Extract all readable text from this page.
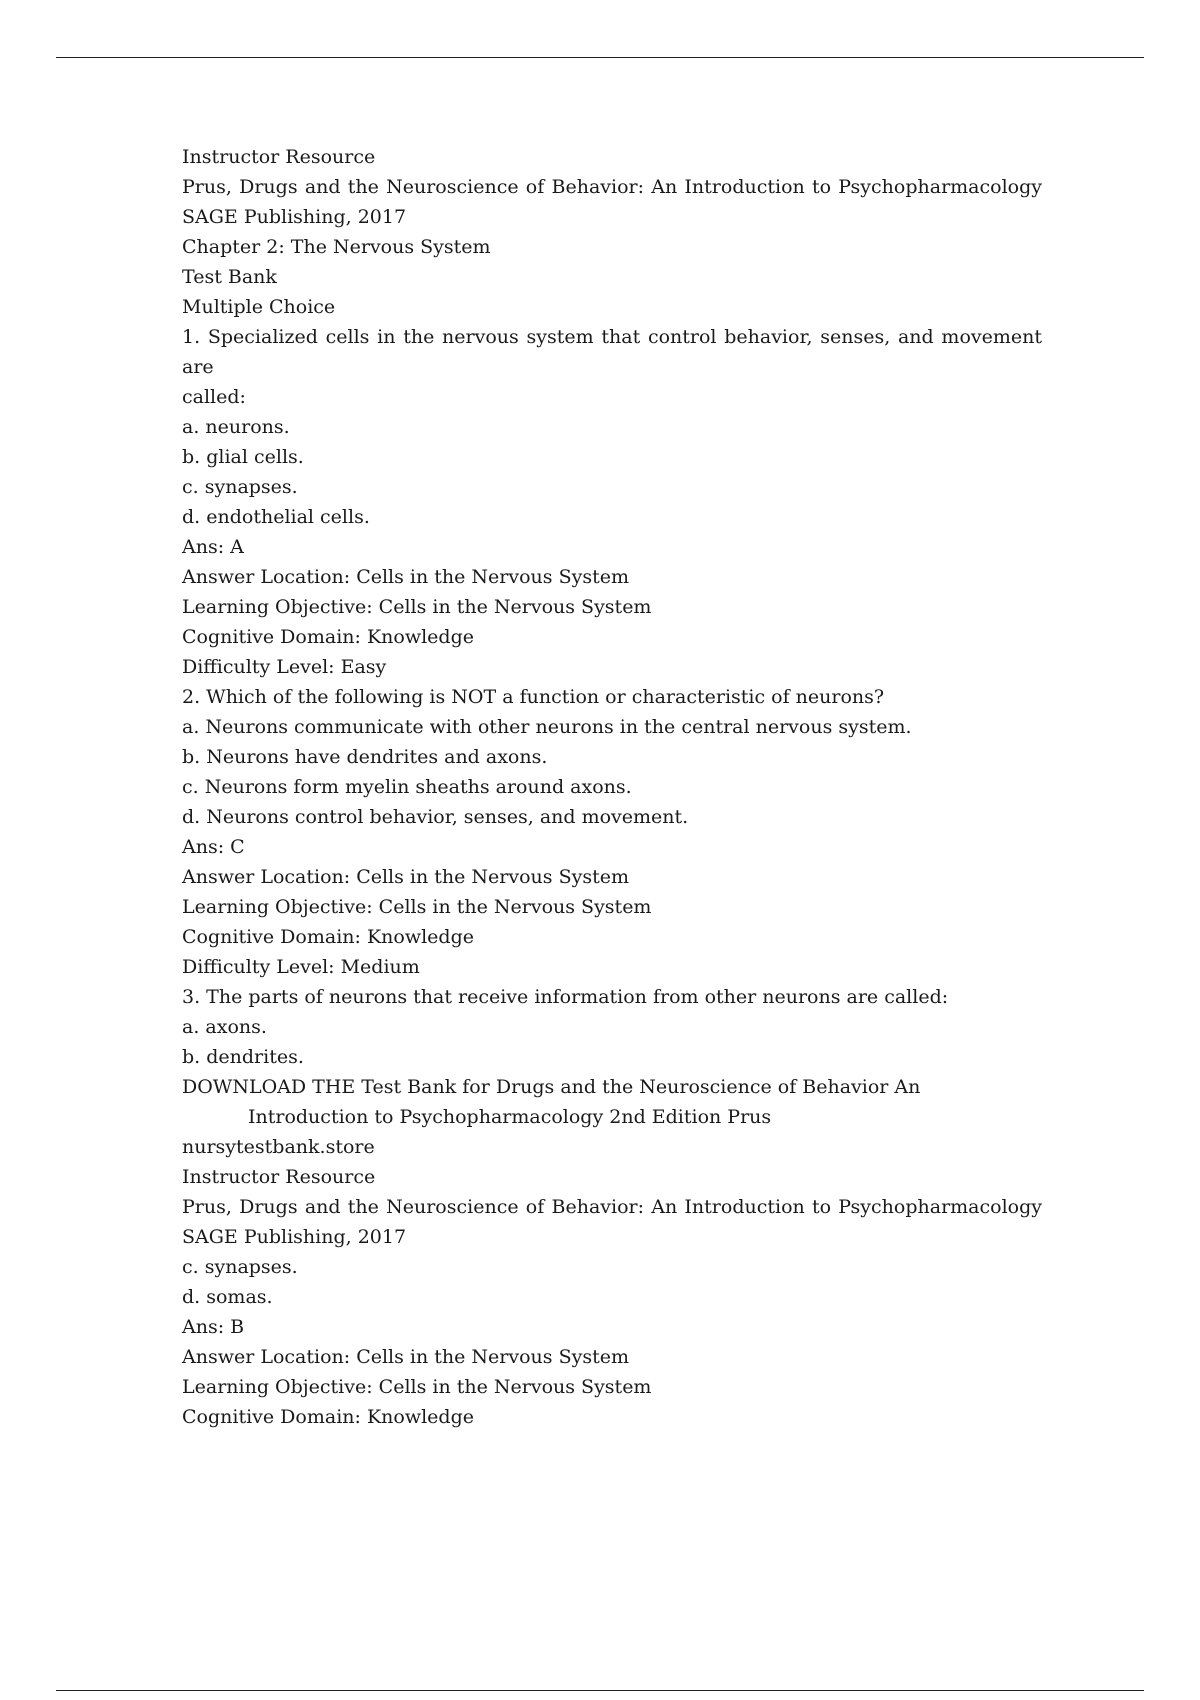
Instructor Resource
Prus, Drugs and the Neuroscience of Behavior: An Introduction to Psychopharmacology
SAGE Publishing, 2017
Chapter 2: The Nervous System
Test Bank
Multiple Choice
1. Specialized cells in the nervous system that control behavior, senses, and movement
are
called:
a. neurons.
b. glial cells.
c. synapses.
d. endothelial cells.
Ans: A
Answer Location: Cells in the Nervous System
Learning Objective: Cells in the Nervous System
Cognitive Domain: Knowledge
Difficulty Level: Easy
2. Which of the following is NOT a function or characteristic of neurons?
a. Neurons communicate with other neurons in the central nervous system.
b. Neurons have dendrites and axons.
c. Neurons form myelin sheaths around axons.
d. Neurons control behavior, senses, and movement.
Ans: C
Answer Location: Cells in the Nervous System
Learning Objective: Cells in the Nervous System
Cognitive Domain: Knowledge
Difficulty Level: Medium
3. The parts of neurons that receive information from other neurons are called:
a. axons.
b. dendrites.
DOWNLOAD THE Test Bank for Drugs and the Neuroscience of Behavior An
Introduction to Psychopharmacology 2nd Edition Prus
nursytestbank.store
Instructor Resource
Prus, Drugs and the Neuroscience of Behavior: An Introduction to Psychopharmacology
SAGE Publishing, 2017
c. synapses.
d. somas.
Ans: B
Answer Location: Cells in the Nervous System
Learning Objective: Cells in the Nervous System
Cognitive Domain: Knowledge
